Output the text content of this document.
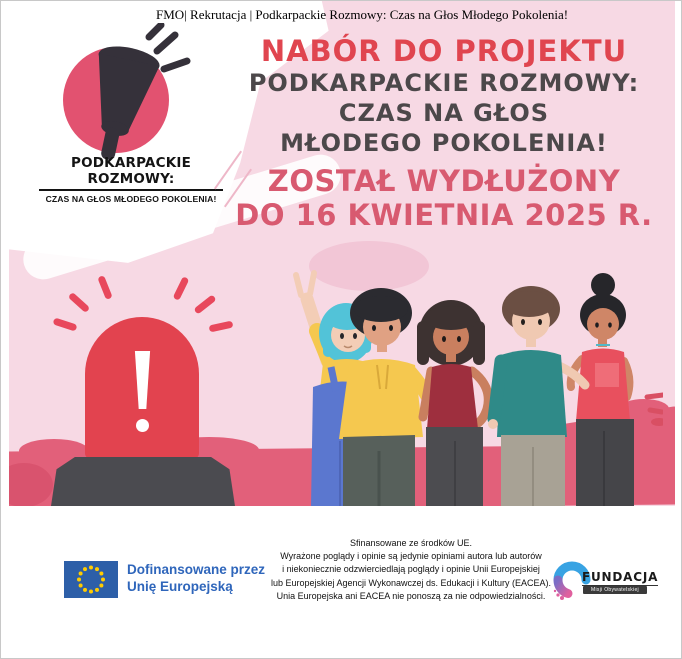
PODKARPACKIE ROZMOWY:
CZAS NA GŁOS MŁODEGO POKOLENIA!
NABÓR DO PROJEKTU
PODKARPACKIE ROZMOWY:
CZAS NA GŁOS
MŁODEGO POKOLENIA!
ZOSTAŁ WYDŁUŻONY
DO 16 KWIETNIA 2025 R.
FMO| Rekrutacja | Podkarpackie Rozmowy: Czas na Głos Młodego Pokolenia!
Dofinansowane przez
Unię Europejską
Sfinansowane ze środków UE.
Wyrażone poglądy i opinie są jedynie opiniami autora lub autorów
i niekoniecznie odzwierciedlają poglądy i opinie Unii Europejskiej
lub Europejskiej Agencji Wykonawczej ds. Edukacji i Kultury (EACEA).
Unia Europejska ani EACEA nie ponoszą za nie odpowiedzialności.
FUNDACJA
Misji Obywatelskiej
